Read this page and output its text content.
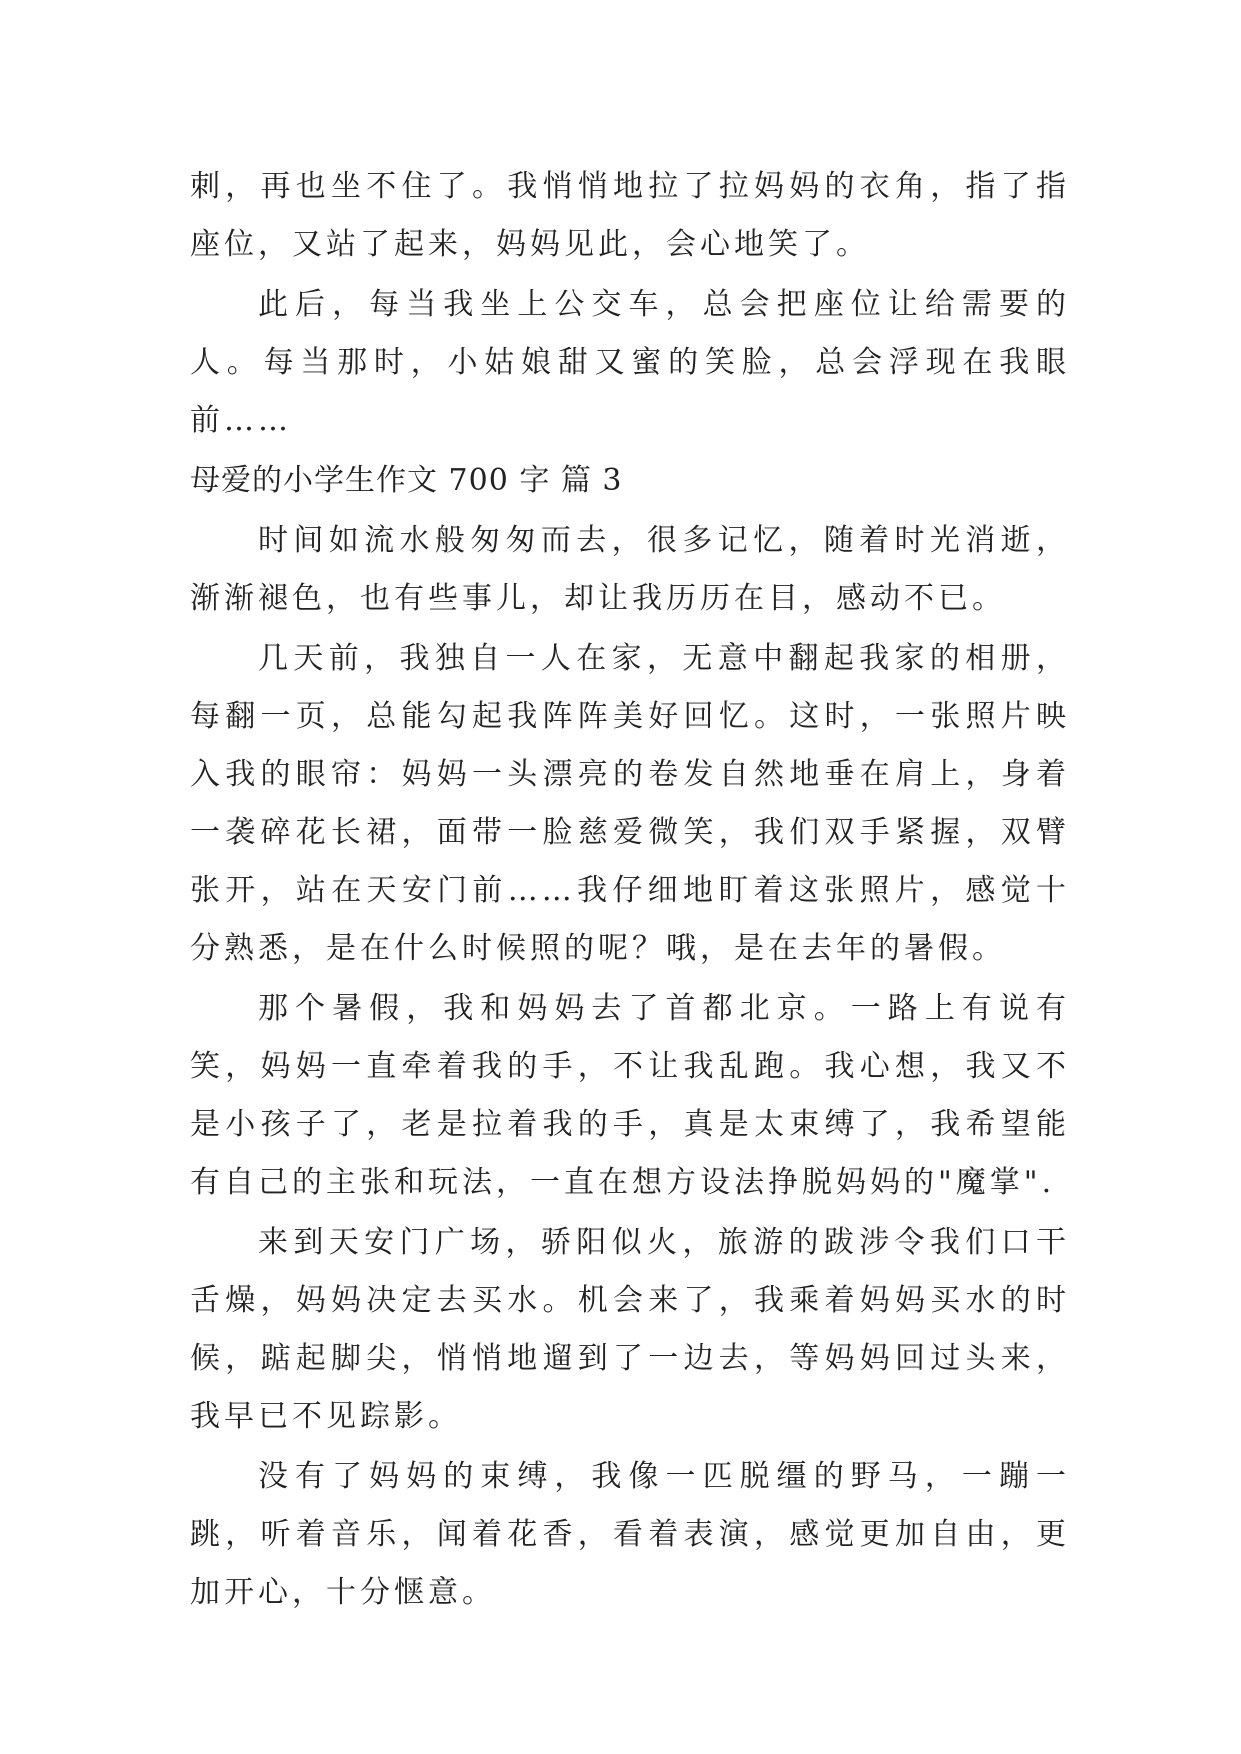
刺，再也坐不住了。我悄悄地拉了拉妈妈的衣角，指了指座位，又站了起来，妈妈见此，会心地笑了。

此后，每当我坐上公交车，总会把座位让给需要的人。每当那时，小姑娘甜又蜜的笑脸，总会浮现在我眼前……

母爱的小学生作文 700 字 篇 3

时间如流水般匆匆而去，很多记忆，随着时光消逝，渐渐褪色，也有些事儿，却让我历历在目，感动不已。

几天前，我独自一人在家，无意中翻起我家的相册，每翻一页，总能勾起我阵阵美好回忆。这时，一张照片映入我的眼帘：妈妈一头漂亮的卷发自然地垂在肩上，身着一袭碎花长裙，面带一脸慈爱微笑，我们双手紧握，双臂张开，站在天安门前……我仔细地盯着这张照片，感觉十分熟悉，是在什么时候照的呢？哦，是在去年的暑假。

那个暑假，我和妈妈去了首都北京。一路上有说有笑，妈妈一直牵着我的手，不让我乱跑。我心想，我又不是小孩子了，老是拉着我的手，真是太束缚了，我希望能有自己的主张和玩法，一直在想方设法挣脱妈妈的"魔掌".

来到天安门广场，骄阳似火，旅游的跋涉令我们口干舌燥，妈妈决定去买水。机会来了，我乘着妈妈买水的时候，踮起脚尖，悄悄地遛到了一边去，等妈妈回过头来，我早已不见踪影。

没有了妈妈的束缚，我像一匹脱缰的野马，一蹦一跳，听着音乐，闻着花香，看着表演，感觉更加自由，更加开心，十分惬意。
